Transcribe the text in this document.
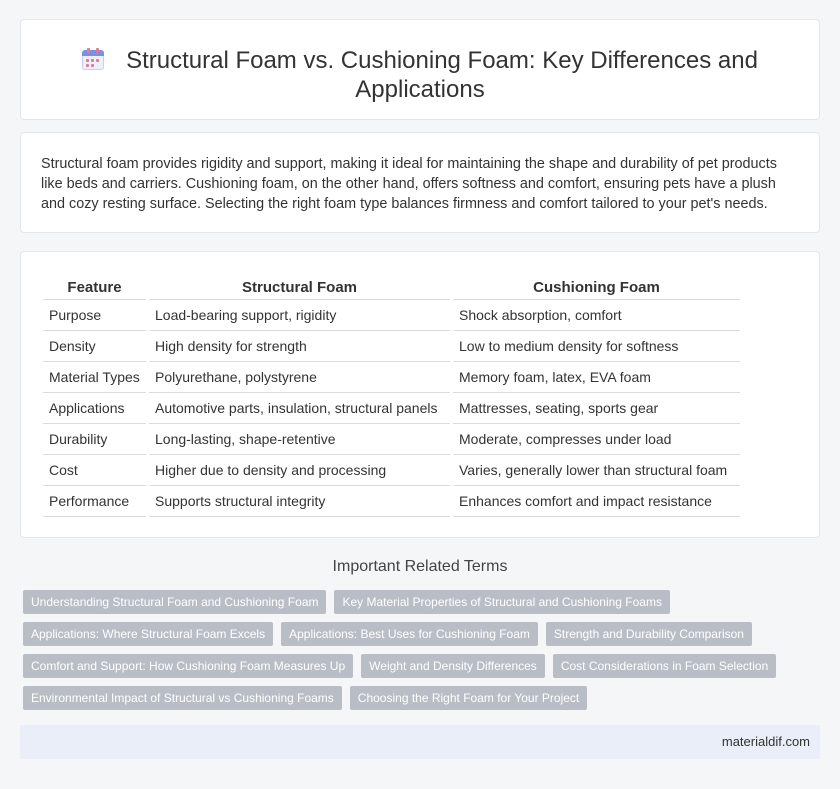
Structural Foam vs. Cushioning Foam: Key Differences and Applications

Structural foam provides rigidity and support, making it ideal for maintaining the shape and durability of pet products like beds and carriers. Cushioning foam, on the other hand, offers softness and comfort, ensuring pets have a plush and cozy resting surface. Selecting the right foam type balances firmness and comfort tailored to your pet's needs.

Feature		Structural Foam		Cushioning Foam
Purpose		Load-bearing support, rigidity		Shock absorption, comfort
Density		High density for strength		Low to medium density for softness
Material Types		Polyurethane, polystyrene		Memory foam, latex, EVA foam
Applications		Automotive parts, insulation, structural panels		Mattresses, seating, sports gear
Durability		Long-lasting, shape-retentive		Moderate, compresses under load
Cost		Higher due to density and processing		Varies, generally lower than structural foam
Performance		Supports structural integrity		Enhances comfort and impact resistance
Important Related Terms
Understanding Structural Foam and Cushioning Foam	Key Material Properties of Structural and Cushioning Foams
Applications: Where Structural Foam Excels	Applications: Best Uses for Cushioning Foam	Strength and Durability Comparison
Comfort and Support: How Cushioning Foam Measures Up	Weight and Density Differences	Cost Considerations in Foam Selection
Environmental Impact of Structural vs Cushioning Foams	Choosing the Right Foam for Your Project
materialdif.com
